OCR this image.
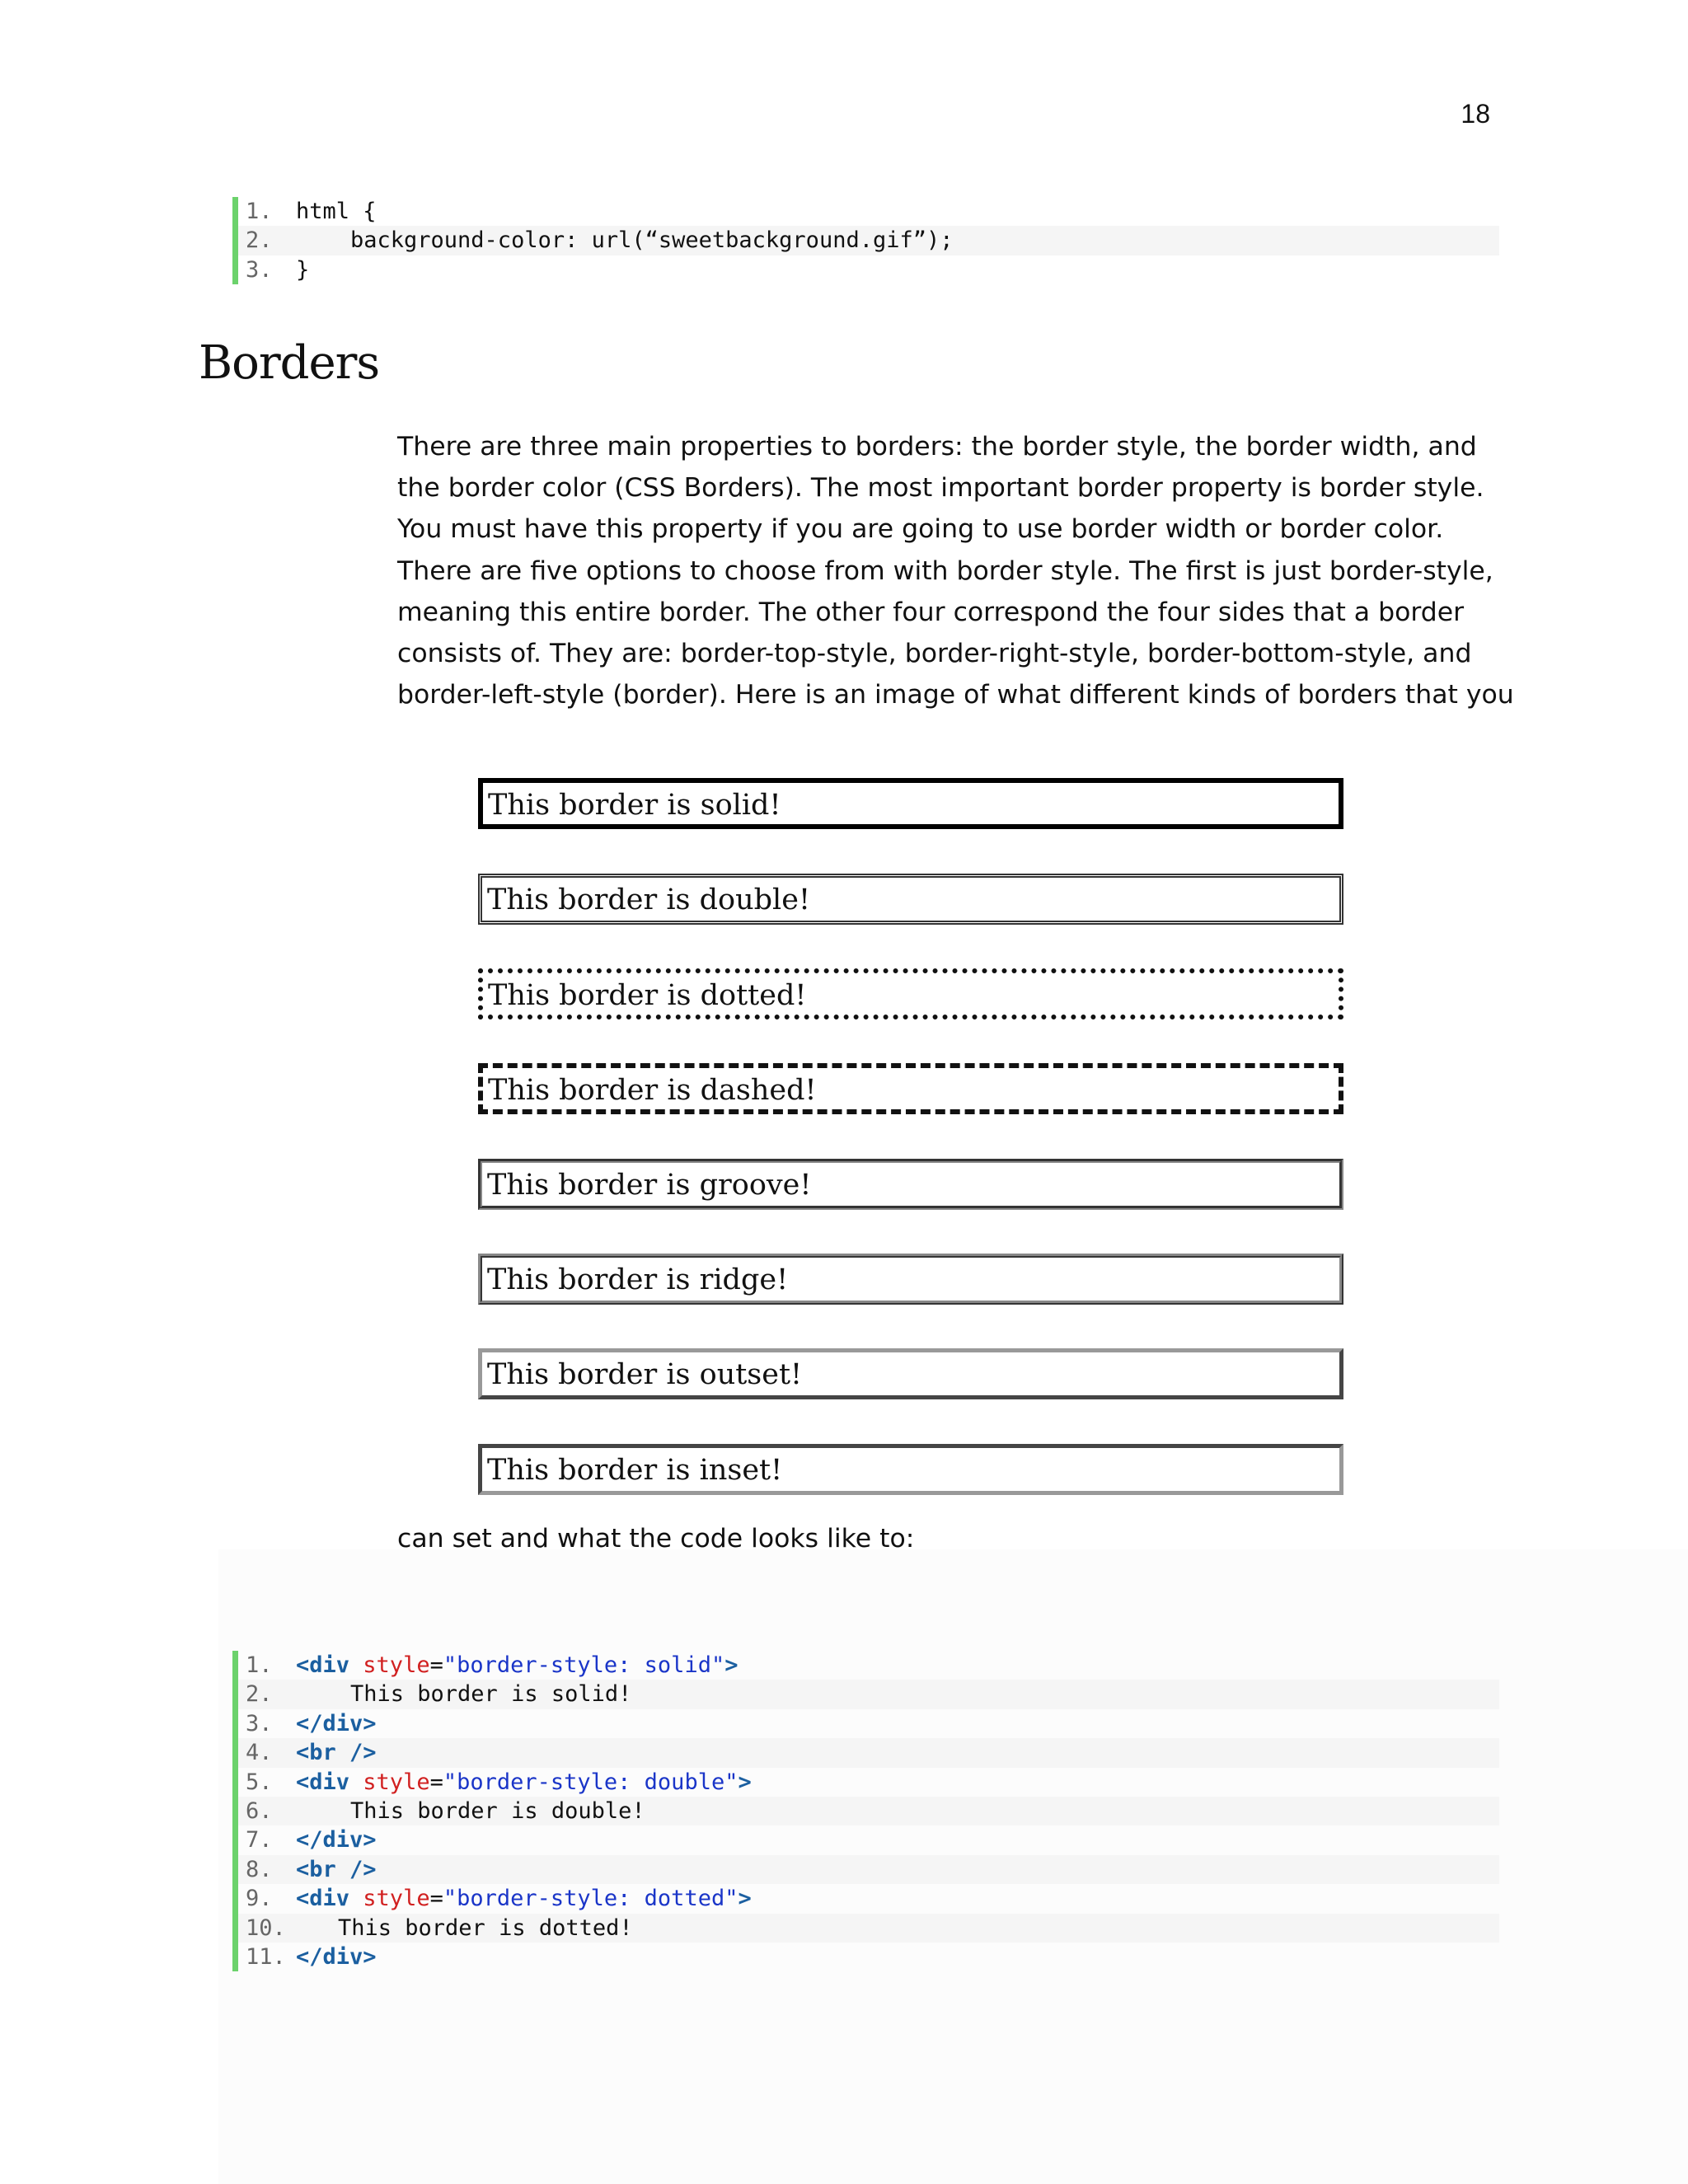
18
1.	html {
2.	background-color: url(“sweetbackground.gif”);
3.	}
Borders
There are three main properties to borders: the border style, the border width, and
the border color (CSS Borders). The most important border property is border style.
You must have this property if you are going to use border width or border color.
There are five options to choose from with border style. The first is just border-style,
meaning this entire border. The other four correspond the four sides that a border
consists of. They are: border-top-style, border-right-style, border-bottom-style, and
border-left-style (border). Here is an image of what different kinds of borders that you
This border is solid!
This border is double!
This border is dotted!
This border is dashed!
This border is groove!
This border is ridge!
This border is outset!
This border is inset!
can set and what the code looks like to:
1.	<div
style = "border-style: solid" >
2.	This border is solid!
3.	</div>
4.	<br />
5.	<div
style = "border-style: double" >
6.	This border is double!
7.	</div>
8.	<br />
9.	<div
style = "border-style: dotted" >
10.	This border is dotted!
11. </div>
